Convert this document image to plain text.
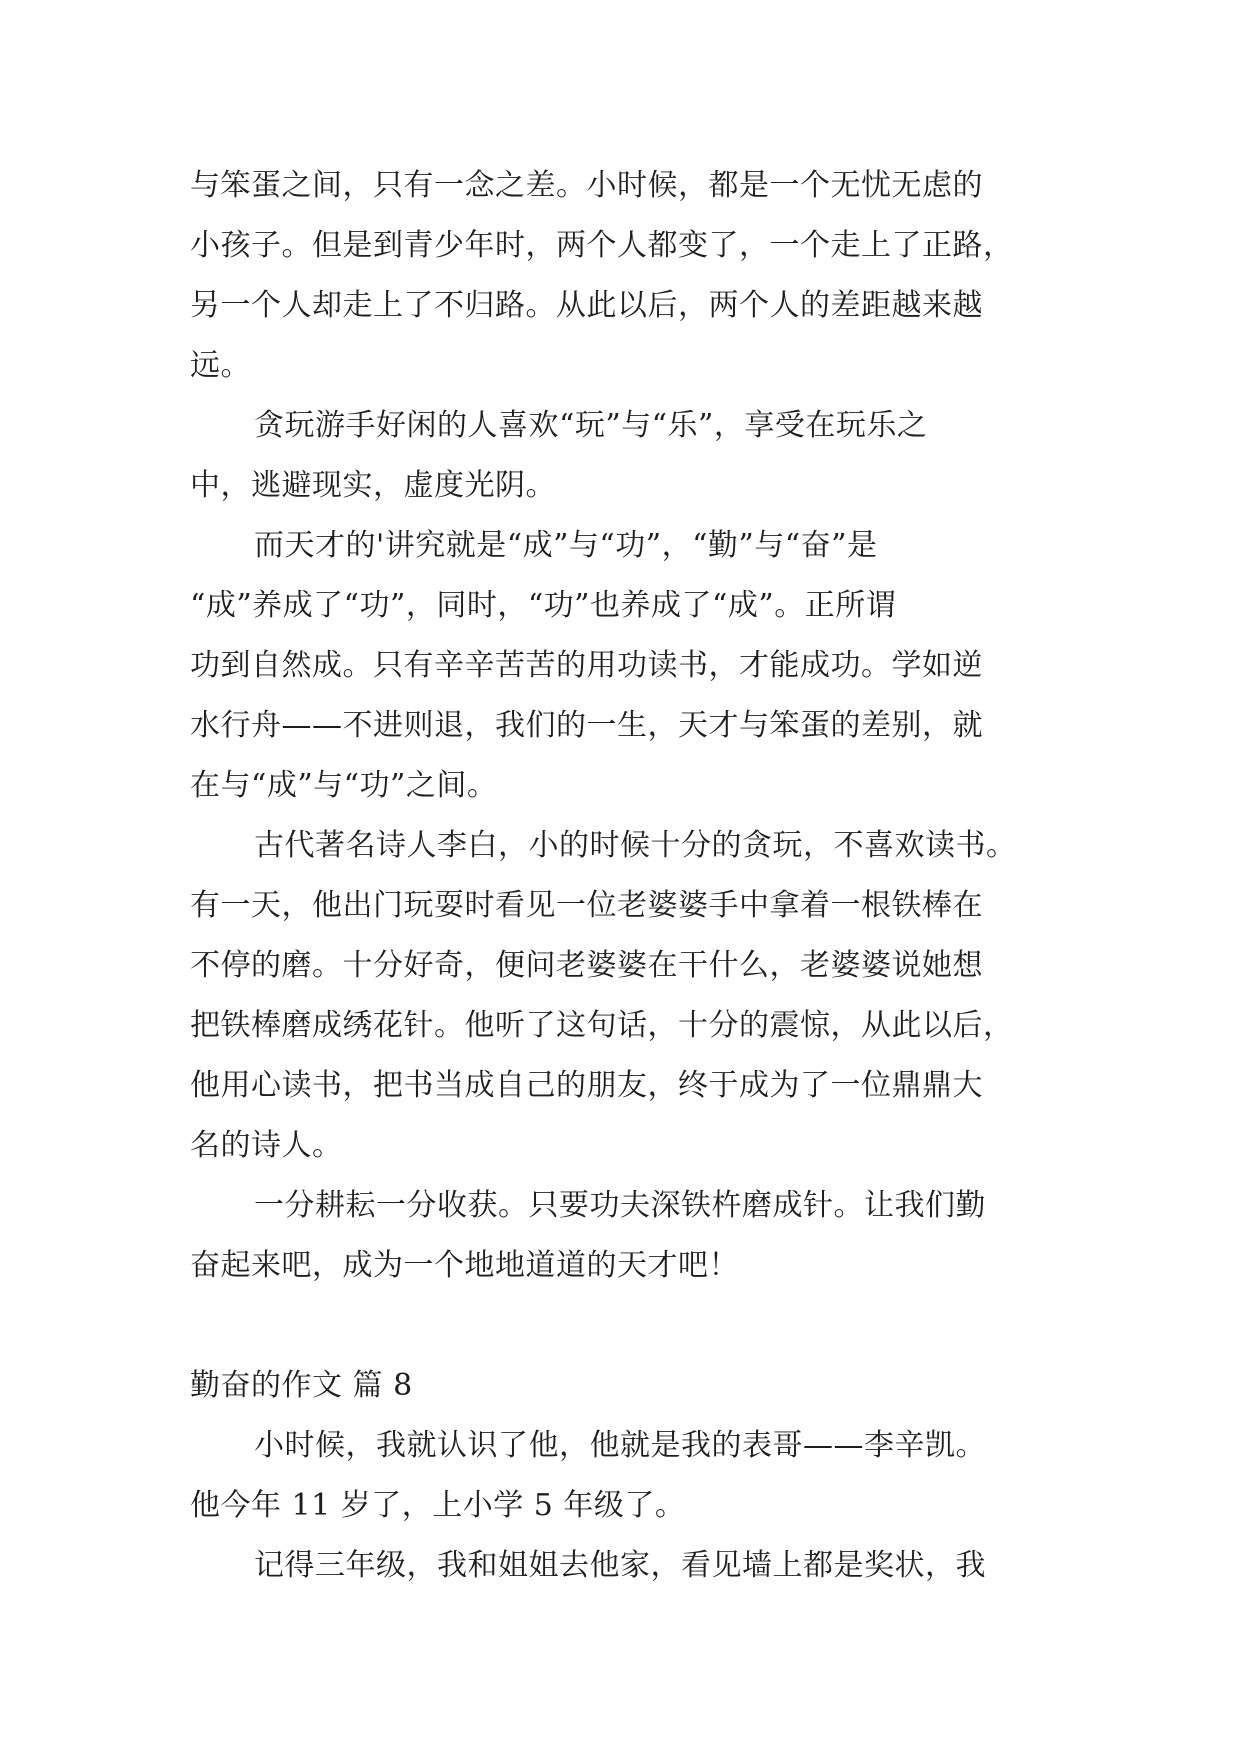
与笨蛋之间，只有一念之差。小时候，都是一个无忧无虑的
小孩子。但是到青少年时，两个人都变了，一个走上了正路，
另一个人却走上了不归路。从此以后，两个人的差距越来越
远。
贪玩游手好闲的人喜欢“玩”与“乐”，享受在玩乐之
中，逃避现实，虚度光阴。
而天才的'讲究就是“成”与“功”，“勤”与“奋”是
“成”养成了“功”，同时，“功”也养成了“成”。正所谓
功到自然成。只有辛辛苦苦的用功读书，才能成功。学如逆
水行舟——不进则退，我们的一生，天才与笨蛋的差别，就
在与“成”与“功”之间。
古代著名诗人李白，小的时候十分的贪玩，不喜欢读书。
有一天，他出门玩耍时看见一位老婆婆手中拿着一根铁棒在
不停的磨。十分好奇，便问老婆婆在干什么，老婆婆说她想
把铁棒磨成绣花针。他听了这句话，十分的震惊，从此以后，
他用心读书，把书当成自己的朋友，终于成为了一位鼎鼎大
名的诗人。
一分耕耘一分收获。只要功夫深铁杵磨成针。让我们勤
奋起来吧，成为一个地地道道的天才吧！
勤奋的作文 篇 8
小时候，我就认识了他，他就是我的表哥——李辛凯。
他今年 11 岁了，上小学 5 年级了。
记得三年级，我和姐姐去他家，看见墙上都是奖状，我
